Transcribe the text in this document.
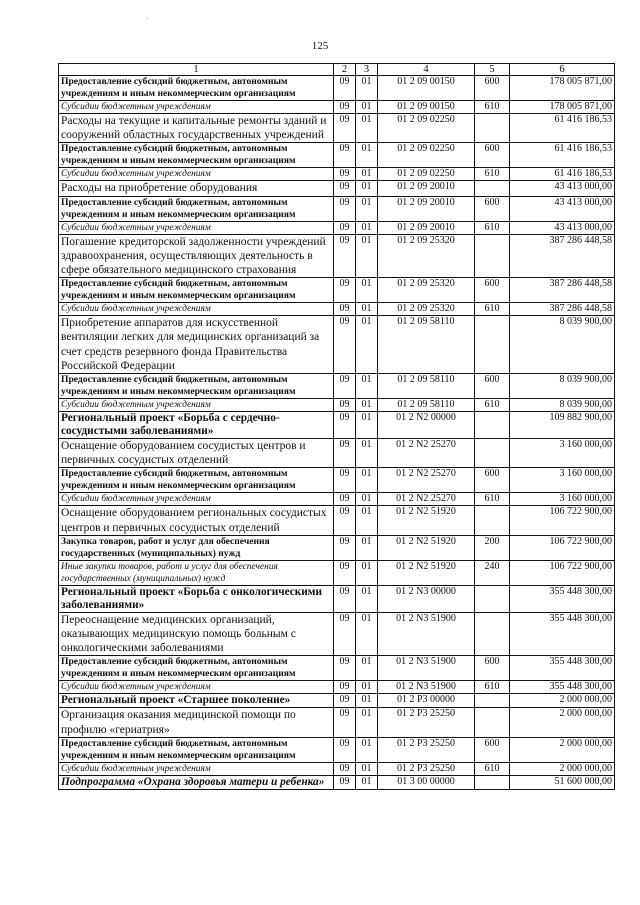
.
125
1	2	3	4	5	6
Предоставление субсидий бюджетным, автономным учреждениям и иным некоммерческим организациям	09	01	01 2 09 00150	600	178 005 871,00
Субсидии бюджетным учреждениям	09	01	01 2 09 00150	610	178 005 871,00
Расходы на текущие и капитальные ремонты зданий и сооружений областных государственных учреждений	09	01	01 2 09 02250		61 416 186,53
Предоставление субсидий бюджетным, автономным учреждениям и иным некоммерческим организациям	09	01	01 2 09 02250	600	61 416 186,53
Субсидии бюджетным учреждениям	09	01	01 2 09 02250	610	61 416 186,53
Расходы на приобретение оборудования	09	01	01 2 09 20010		43 413 000,00
Предоставление субсидий бюджетным, автономным учреждениям и иным некоммерческим организациям	09	01	01 2 09 20010	600	43 413 000,00
Субсидии бюджетным учреждениям	09	01	01 2 09 20010	610	43 413 000,00
Погашение кредиторской задолженности учреждений здравоохранения, осуществляющих деятельность в сфере обязательного медицинского страхования	09	01	01 2 09 25320		387 286 448,58
Предоставление субсидий бюджетным, автономным учреждениям и иным некоммерческим организациям	09	01	01 2 09 25320	600	387 286 448,58
Субсидии бюджетным учреждениям	09	01	01 2 09 25320	610	387 286 448,58
Приобретение аппаратов для искусственной вентиляции легких для медицинских организаций за счет средств резервного фонда Правительства Российской Федерации	09	01	01 2 09 58110		8 039 900,00
Предоставление субсидий бюджетным, автономным учреждениям и иным некоммерческим организациям	09	01	01 2 09 58110	600	8 039 900,00
Субсидии бюджетным учреждениям	09	01	01 2 09 58110	610	8 039 900,00
Региональный проект «Борьба с сердечно-сосудистыми заболеваниями»	09	01	01 2 N2 00000		109 882 900,00
Оснащение оборудованием сосудистых центров и первичных сосудистых отделений	09	01	01 2 N2 25270		3 160 000,00
Предоставление субсидий бюджетным, автономным учреждениям и иным некоммерческим организациям	09	01	01 2 N2 25270	600	3 160 000,00
Субсидии бюджетным учреждениям	09	01	01 2 N2 25270	610	3 160 000,00
Оснащение оборудованием региональных сосудистых центров и первичных сосудистых отделений	09	01	01 2 N2 51920		106 722 900,00
Закупка товаров, работ и услуг для обеспечения государственных (муниципальных) нужд	09	01	01 2 N2 51920	200	106 722 900,00
Иные закупки товаров, работ и услуг для обеспечения государственных (муниципальных) нужд	09	01	01 2 N2 51920	240	106 722 900,00
Региональный проект «Борьба с онкологическими заболеваниями»	09	01	01 2 N3 00000		355 448 300,00
Переоснащение медицинских организаций, оказывающих медицинскую помощь больным с онкологическими заболеваниями	09	01	01 2 N3 51900		355 448 300,00
Предоставление субсидий бюджетным, автономным учреждениям и иным некоммерческим организациям	09	01	01 2 N3 51900	600	355 448 300,00
Субсидии бюджетным учреждениям	09	01	01 2 N3 51900	610	355 448 300,00
Региональный проект «Старшее поколение»	09	01	01 2 P3 00000		2 000 000,00
Организация оказания медицинской помощи по профилю «гериатрия»	09	01	01 2 P3 25250		2 000 000,00
Предоставление субсидий бюджетным, автономным учреждениям и иным некоммерческим организациям	09	01	01 2 P3 25250	600	2 000 000,00
Субсидии бюджетным учреждениям	09	01	01 2 P3 25250	610	2 000 000,00
Подпрограмма «Охрана здоровья матери и ребенка»	09	01	01 3 00 00000		51 600 000,00
